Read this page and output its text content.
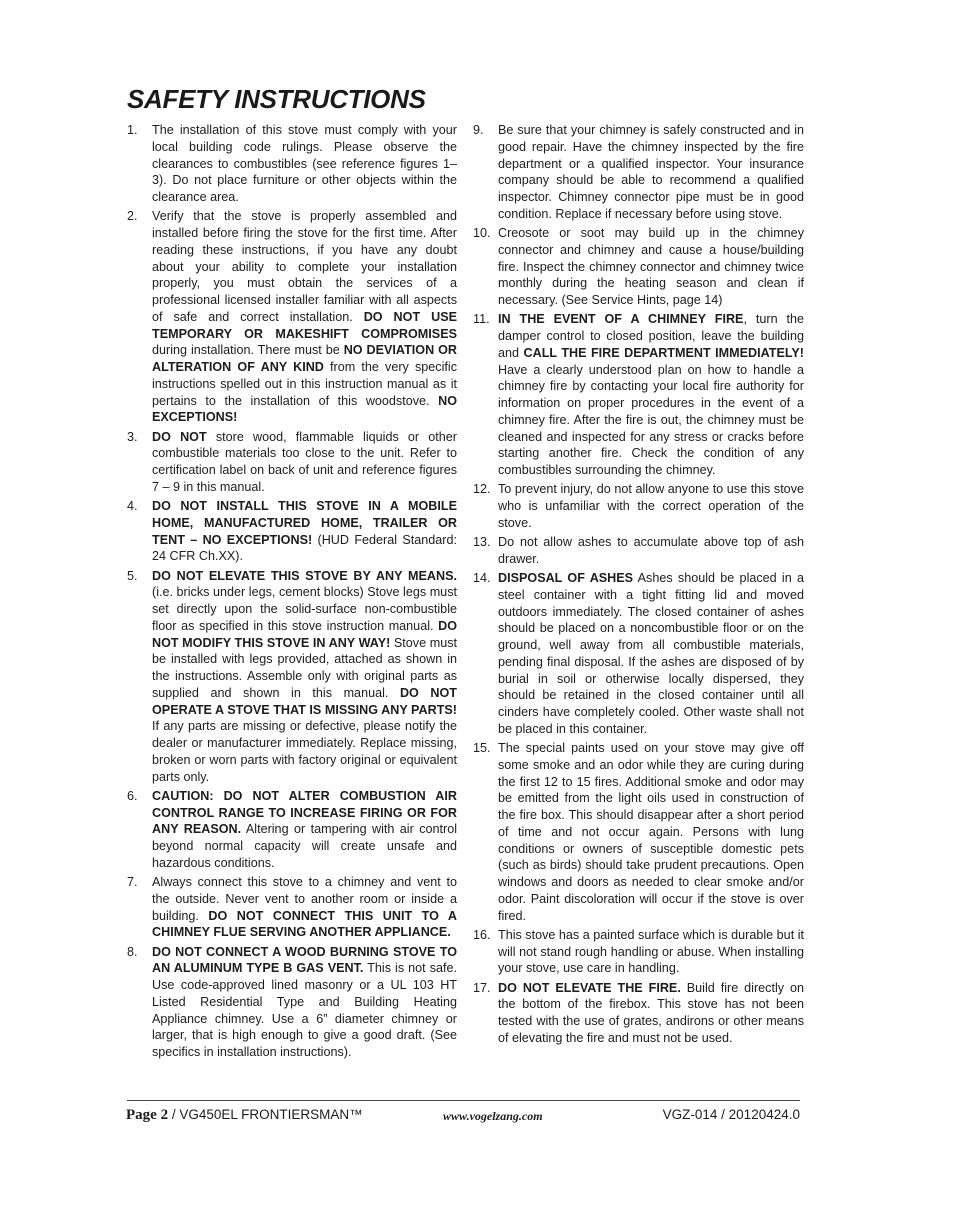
SAFETY INSTRUCTIONS
1. The installation of this stove must comply with your local building code rulings. Please observe the clearances to combustibles (see reference figures 1– 3). Do not place furniture or other objects within the clearance area.
2. Verify that the stove is properly assembled and installed before firing the stove for the first time. After reading these instructions, if you have any doubt about your ability to complete your installation properly, you must obtain the services of a professional licensed installer familiar with all aspects of safe and correct installation. DO NOT USE TEMPORARY OR MAKESHIFT COMPROMISES during installation. There must be NO DEVIATION OR ALTERATION OF ANY KIND from the very specific instructions spelled out in this instruction manual as it pertains to the installation of this woodstove. NO EXCEPTIONS!
3. DO NOT store wood, flammable liquids or other combustible materials too close to the unit. Refer to certification label on back of unit and reference figures 7 – 9 in this manual.
4. DO NOT INSTALL THIS STOVE IN A MOBILE HOME, MANUFACTURED HOME, TRAILER OR TENT – NO EXCEPTIONS! (HUD Federal Standard: 24 CFR Ch.XX).
5. DO NOT ELEVATE THIS STOVE BY ANY MEANS. (i.e. bricks under legs, cement blocks) Stove legs must set directly upon the solid-surface non-combustible floor as specified in this stove instruction manual. DO NOT MODIFY THIS STOVE IN ANY WAY! Stove must be installed with legs provided, attached as shown in the instructions. Assemble only with original parts as supplied and shown in this manual. DO NOT OPERATE A STOVE THAT IS MISSING ANY PARTS! If any parts are missing or defective, please notify the dealer or manufacturer immediately. Replace missing, broken or worn parts with factory original or equivalent parts only.
6. CAUTION: DO NOT ALTER COMBUSTION AIR CONTROL RANGE TO INCREASE FIRING OR FOR ANY REASON. Altering or tampering with air control beyond normal capacity will create unsafe and hazardous conditions.
7. Always connect this stove to a chimney and vent to the outside. Never vent to another room or inside a building. DO NOT CONNECT THIS UNIT TO A CHIMNEY FLUE SERVING ANOTHER APPLIANCE.
8. DO NOT CONNECT A WOOD BURNING STOVE TO AN ALUMINUM TYPE B GAS VENT. This is not safe. Use code-approved lined masonry or a UL 103 HT Listed Residential Type and Building Heating Appliance chimney. Use a 6” diameter chimney or larger, that is high enough to give a good draft. (See specifics in installation instructions).
9. Be sure that your chimney is safely constructed and in good repair. Have the chimney inspected by the fire department or a qualified inspector. Your insurance company should be able to recommend a qualified inspector. Chimney connector pipe must be in good condition. Replace if necessary before using stove.
10. Creosote or soot may build up in the chimney connector and chimney and cause a house/building fire. Inspect the chimney connector and chimney twice monthly during the heating season and clean if necessary. (See Service Hints, page 14)
11. IN THE EVENT OF A CHIMNEY FIRE, turn the damper control to closed position, leave the building and CALL THE FIRE DEPARTMENT IMMEDIATELY! Have a clearly understood plan on how to handle a chimney fire by contacting your local fire authority for information on proper procedures in the event of a chimney fire. After the fire is out, the chimney must be cleaned and inspected for any stress or cracks before starting another fire. Check the condition of any combustibles surrounding the chimney.
12. To prevent injury, do not allow anyone to use this stove who is unfamiliar with the correct operation of the stove.
13. Do not allow ashes to accumulate above top of ash drawer.
14. DISPOSAL OF ASHES Ashes should be placed in a steel container with a tight fitting lid and moved outdoors immediately. The closed container of ashes should be placed on a noncombustible floor or on the ground, well away from all combustible materials, pending final disposal. If the ashes are disposed of by burial in soil or otherwise locally dispersed, they should be retained in the closed container until all cinders have completely cooled. Other waste shall not be placed in this container.
15. The special paints used on your stove may give off some smoke and an odor while they are curing during the first 12 to 15 fires. Additional smoke and odor may be emitted from the light oils used in construction of the fire box. This should disappear after a short period of time and not occur again. Persons with lung conditions or owners of susceptible domestic pets (such as birds) should take prudent precautions. Open windows and doors as needed to clear smoke and/or odor. Paint discoloration will occur if the stove is over fired.
16. This stove has a painted surface which is durable but it will not stand rough handling or abuse. When installing your stove, use care in handling.
17. DO NOT ELEVATE THE FIRE. Build fire directly on the bottom of the firebox. This stove has not been tested with the use of grates, andirons or other means of elevating the fire and must not be used.
Page 2 / VG450EL FRONTIERSMAN™	www.vogelzang.com	VGZ-014 / 20120424.0
